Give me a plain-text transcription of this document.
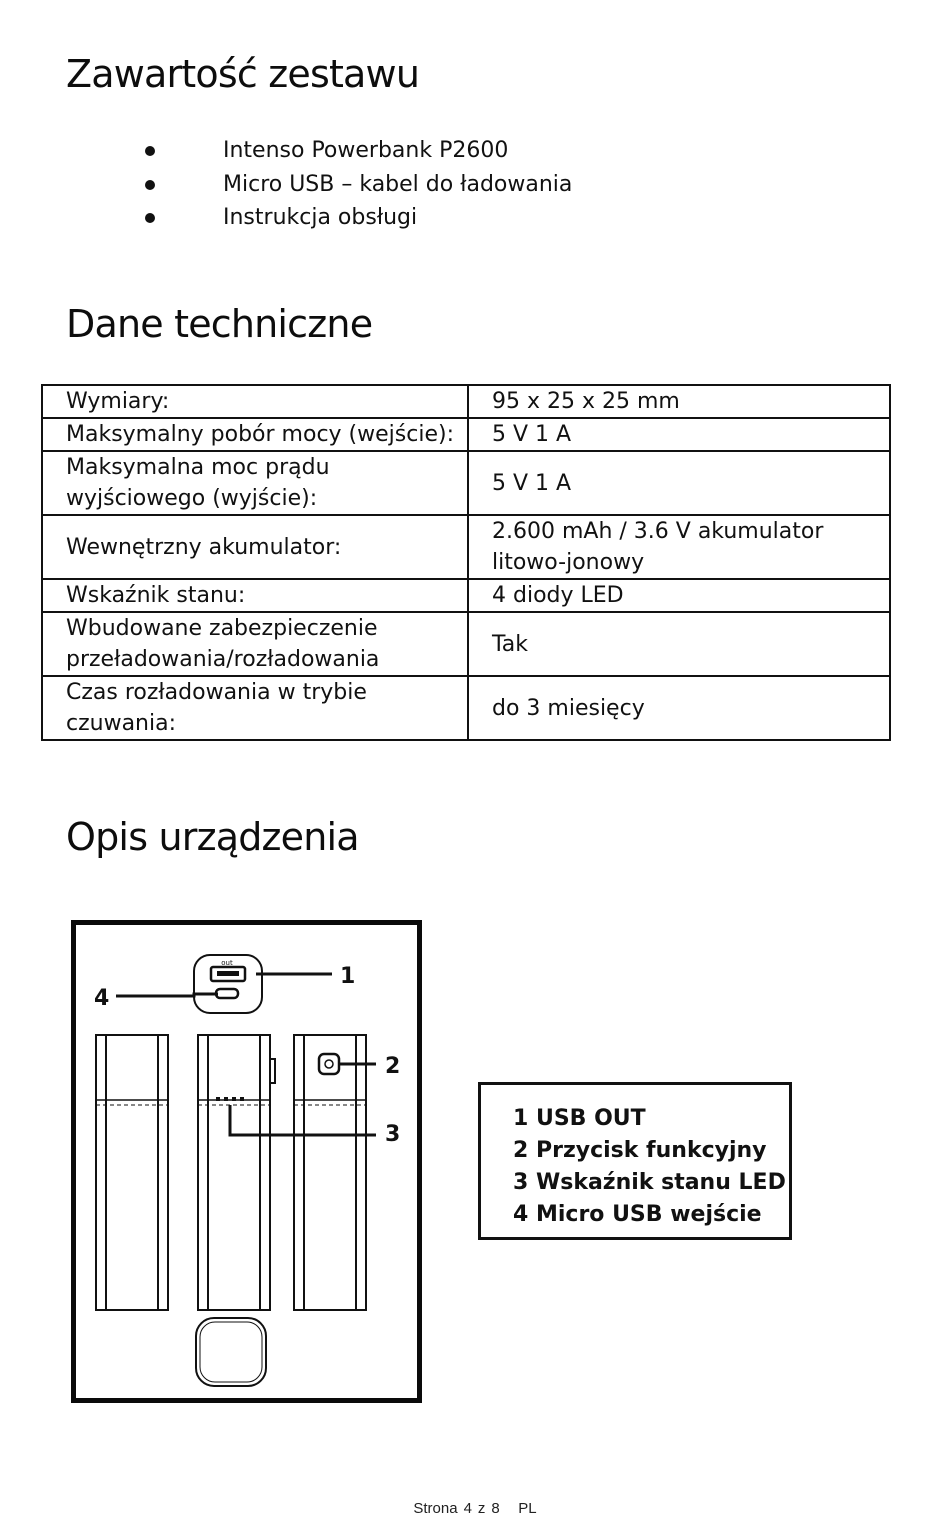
Zawartość zestawu
Intenso Powerbank P2600
Micro USB – kabel do ładowania
Instrukcja obsługi
Dane techniczne
Wymiary:	95 x 25 x 25 mm
Maksymalny pobór mocy (wejście):	5 V 1 A
Maksymalna moc prądu wyjściowego (wyjście):	5 V 1 A
Wewnętrzny akumulator:	2.600 mAh / 3.6 V akumulator litowo-jonowy
Wskaźnik stanu:	4 diody LED
Wbudowane zabezpieczenie przeładowania/rozładowania	Tak
Czas rozładowania w trybie czuwania:	do 3 miesięcy
Opis urządzenia
out
1
2
3
4
1 USB OUT
2 Przycisk funkcyjny
3 Wskaźnik stanu LED
4 Micro USB wejście
Strona 4 z 8 PL
